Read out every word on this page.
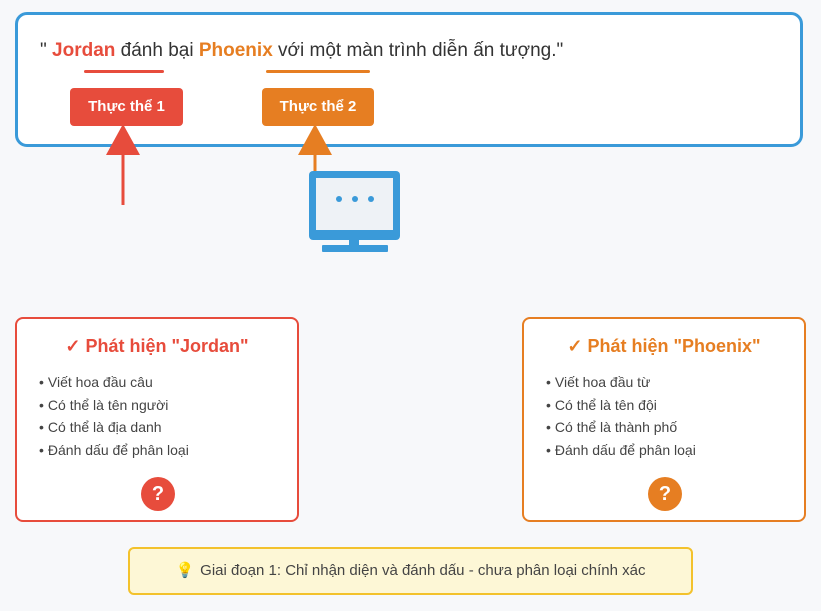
" Jordan đánh bại Phoenix với một màn trình diễn ấn tượng."
Thực thể 1	Thực thể 2
✓ Phát hiện "Jordan"
• Viết hoa đầu câu
• Có thể là tên người
• Có thể là địa danh
• Đánh dấu để phân loại
?
✓ Phát hiện "Phoenix"
• Viết hoa đầu từ
• Có thể là tên đội
• Có thể là thành phố
• Đánh dấu để phân loại
?
💡 Giai đoạn 1: Chỉ nhận diện và đánh dấu - chưa phân loại chính xác
